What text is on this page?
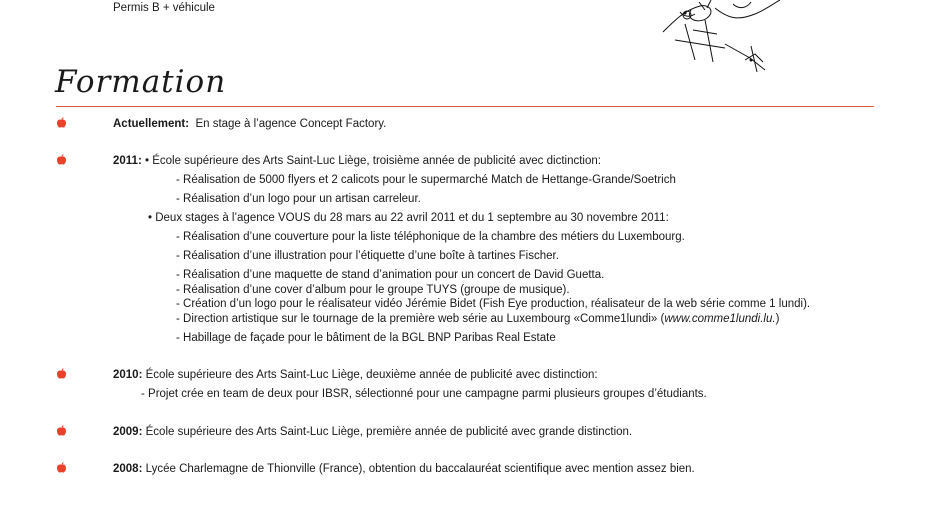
Permis B + véhicule
Formation
Actuellement: En stage à l’agence Concept Factory.
2011: • École supérieure des Arts Saint-Luc Liège, troisième année de publicité avec dictinction:
- Réalisation de 5000 flyers et 2 calicots pour le supermarché Match de Hettange-Grande/Soetrich
- Réalisation d’un logo pour un artisan carreleur.
• Deux stages à l’agence VOUS du 28 mars au 22 avril 2011 et du 1 septembre au 30 novembre 2011:
- Réalisation d’une couverture pour la liste téléphonique de la chambre des métiers du Luxembourg.
- Réalisation d’une illustration pour l’étiquette d’une boîte à tartines Fischer.
- Réalisation d’une maquette de stand d’animation pour un concert de David Guetta.
- Réalisation d’une cover d’album pour le groupe TUYS (groupe de musique).
- Création d’un logo pour le réalisateur vidéo Jérémie Bidet (Fish Eye production, réalisateur de la web série comme 1 lundi).
- Direction artistique sur le tournage de la première web série au Luxembourg «Comme1lundi» (www.comme1lundi.lu.)
- Habillage de façade pour le bâtiment de la BGL BNP Paribas Real Estate
2010: École supérieure des Arts Saint-Luc Liège, deuxième année de publicité avec distinction:
- Projet crée en team de deux pour IBSR, sélectionné pour une campagne parmi plusieurs groupes d’étudiants.
2009: École supérieure des Arts Saint-Luc Liège, première année de publicité avec grande distinction.
2008: Lycée Charlemagne de Thionville (France), obtention du baccalauréat scientifique avec mention assez bien.
